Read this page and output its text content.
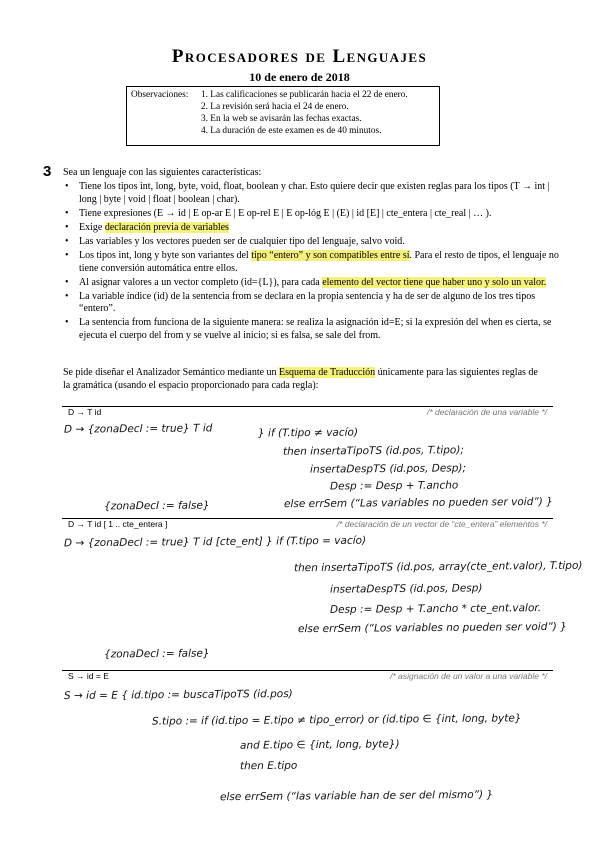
Procesadores de Lenguajes
10 de enero de 2018
Observaciones: 1. Las calificaciones se publicarán hacia el 22 de enero.
2. La revisión será hacia el 24 de enero.
3. En la web se avisarán las fechas exactas.
4. La duración de este examen es de 40 minutos.
3 Sea un lenguaje con las siguientes características:
• Tiene los tipos int, long, byte, void, float, boolean y char. Esto quiere decir que existen reglas para los tipos (T → int | long | byte | void | float | boolean | char).
• Tiene expresiones (E → id | E op-ar E | E op-rel E | E op-lóg E | (E) | id [E] | cte_entera | cte_real | … ).
• Exige declaración previa de variables
• Las variables y los vectores pueden ser de cualquier tipo del lenguaje, salvo void.
• Los tipos int, long y byte son variantes del tipo “entero” y son compatibles entre sí. Para el resto de tipos, el lenguaje no tiene conversión automática entre ellos.
• Al asignar valores a un vector completo (id={L}), para cada elemento del vector tiene que haber uno y solo un valor.
• La variable índice (id) de la sentencia from se declara en la propia sentencia y ha de ser de alguno de los tres tipos “entero”.
• La sentencia from funciona de la siguiente manera: se realiza la asignación id=E; si la expresión del when es cierta, se ejecuta el cuerpo del from y se vuelve al inicio; si es falsa, se sale del from.
Se pide diseñar el Analizador Semántico mediante un Esquema de Traducción únicamente para las siguientes reglas de la gramática (usando el espacio proporcionado para cada regla):
D → T id	/* declaración de una variable */
D → {zonaDecl := true} T id	} if (T.tipo ≠ vacío)
then insertaTipoTS (id.pos, T.tipo);
insertaDespTS (id.pos, Desp);
Desp := Desp + T.ancho
{zonaDecl := false}	else errSem (“Las variables no pueden ser void”) }
D → T id [ 1 .. cte_entera ]	/* declaración de un vector de “cte_entera” elementos */
D → {zonaDecl := true} T id [cte_ent] } if (T.tipo = vacío)
then insertaTipoTS (id.pos, array(cte_ent.valor), T.tipo)
insertaDespTS (id.pos, Desp)
Desp := Desp + T.ancho * cte_ent.valor.
else errSem (“Los variables no pueden ser void”) }
{zonaDecl := false}
S → id = E	/* asignación de un valor a una variable */
S → id = E { id.tipo := buscaTipoTS (id.pos)
S.tipo := if (id.tipo = E.tipo ≠ tipo_error) or (id.tipo ∈ {int, long, byte}
and E.tipo ∈ {int, long, byte})
then E.tipo
else errSem (“las variable han de ser del mismo”) }
